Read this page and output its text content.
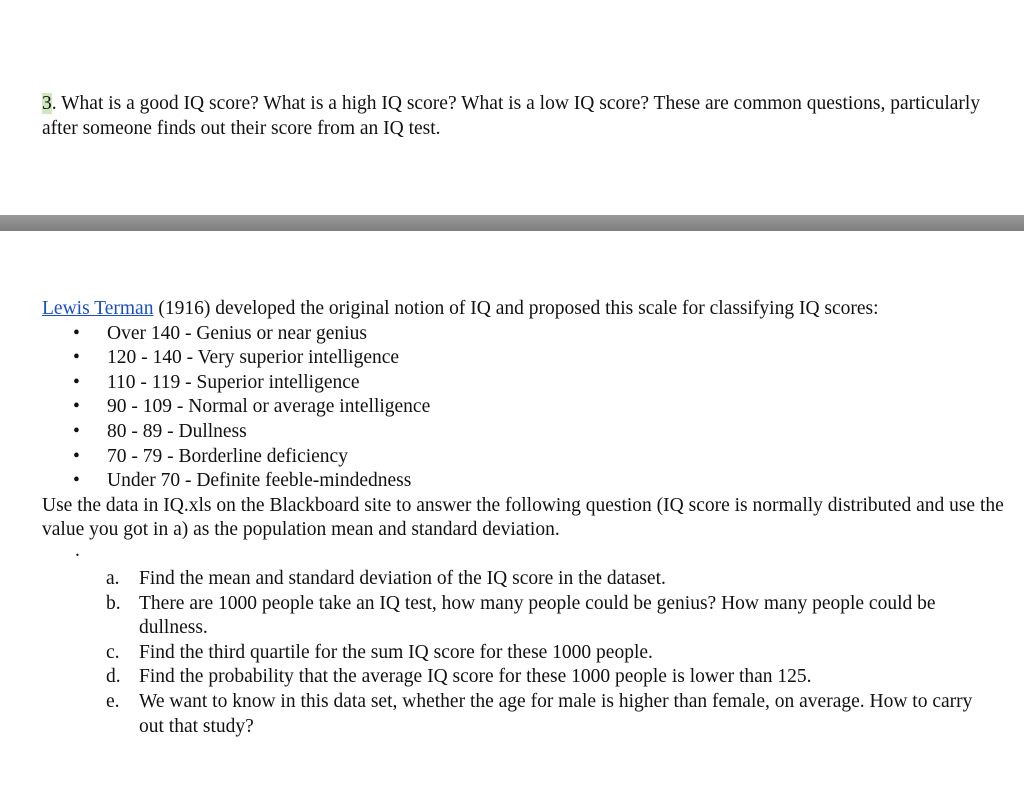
3. What is a good IQ score? What is a high IQ score? What is a low IQ score? These are common questions, particularly after someone finds out their score from an IQ test.
Lewis Terman (1916) developed the original notion of IQ and proposed this scale for classifying IQ scores:
• Over 140 - Genius or near genius
• 120 - 140 - Very superior intelligence
• 110 - 119 - Superior intelligence
• 90 - 109 - Normal or average intelligence
• 80 - 89 - Dullness
• 70 - 79 - Borderline deficiency
• Under 70 - Definite feeble-mindedness
Use the data in IQ.xls on the Blackboard site to answer the following question (IQ score is normally distributed and use the value you got in a) as the population mean and standard deviation.
.
a. Find the mean and standard deviation of the IQ score in the dataset.
b. There are 1000 people take an IQ test, how many people could be genius? How many people could be dullness.
c. Find the third quartile for the sum IQ score for these 1000 people.
d. Find the probability that the average IQ score for these 1000 people is lower than 125.
e. We want to know in this data set, whether the age for male is higher than female, on average. How to carry out that study?
